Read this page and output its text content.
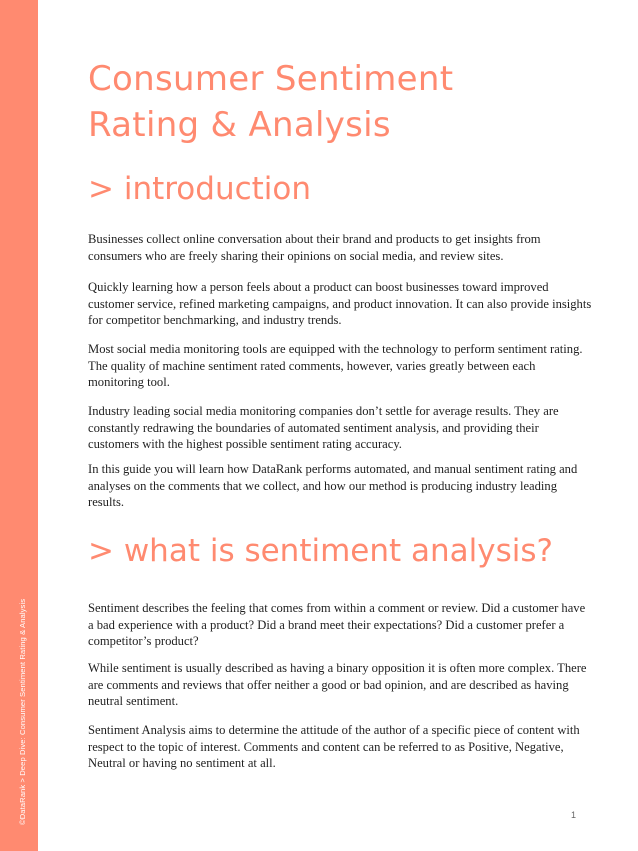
©DataRank > Deep Dive: Consumer Sentiment Rating & Analysis
Consumer Sentiment
Rating & Analysis
> introduction

Businesses collect online conversation about their brand and products to get insights from consumers who are freely sharing their opinions on social media, and review sites.

Quickly learning how a person feels about a product can boost businesses toward improved customer service, refined marketing campaigns, and product innovation. It can also provide insights for competitor benchmarking, and industry trends.

Most social media monitoring tools are equipped with the technology to perform sentiment rating. The quality of machine sentiment rated comments, however, varies greatly between each monitoring tool.

Industry leading social media monitoring companies don’t settle for average results. They are constantly redrawing the boundaries of automated sentiment analysis, and providing their customers with the highest possible sentiment rating accuracy.

In this guide you will learn how DataRank performs automated, and manual sentiment rating and analyses on the comments that we collect, and how our method is producing industry leading results.

> what is sentiment analysis?

Sentiment describes the feeling that comes from within a comment or review. Did a customer have a bad experience with a product? Did a brand meet their expectations? Did a customer prefer a competitor’s product?

While sentiment is usually described as having a binary opposition it is often more complex. There are comments and reviews that offer neither a good or bad opinion, and are described as having neutral sentiment.

Sentiment Analysis aims to determine the attitude of the author of a specific piece of content with respect to the topic of interest. Comments and content can be referred to as Positive, Negative, Neutral or having no sentiment at all.

1
